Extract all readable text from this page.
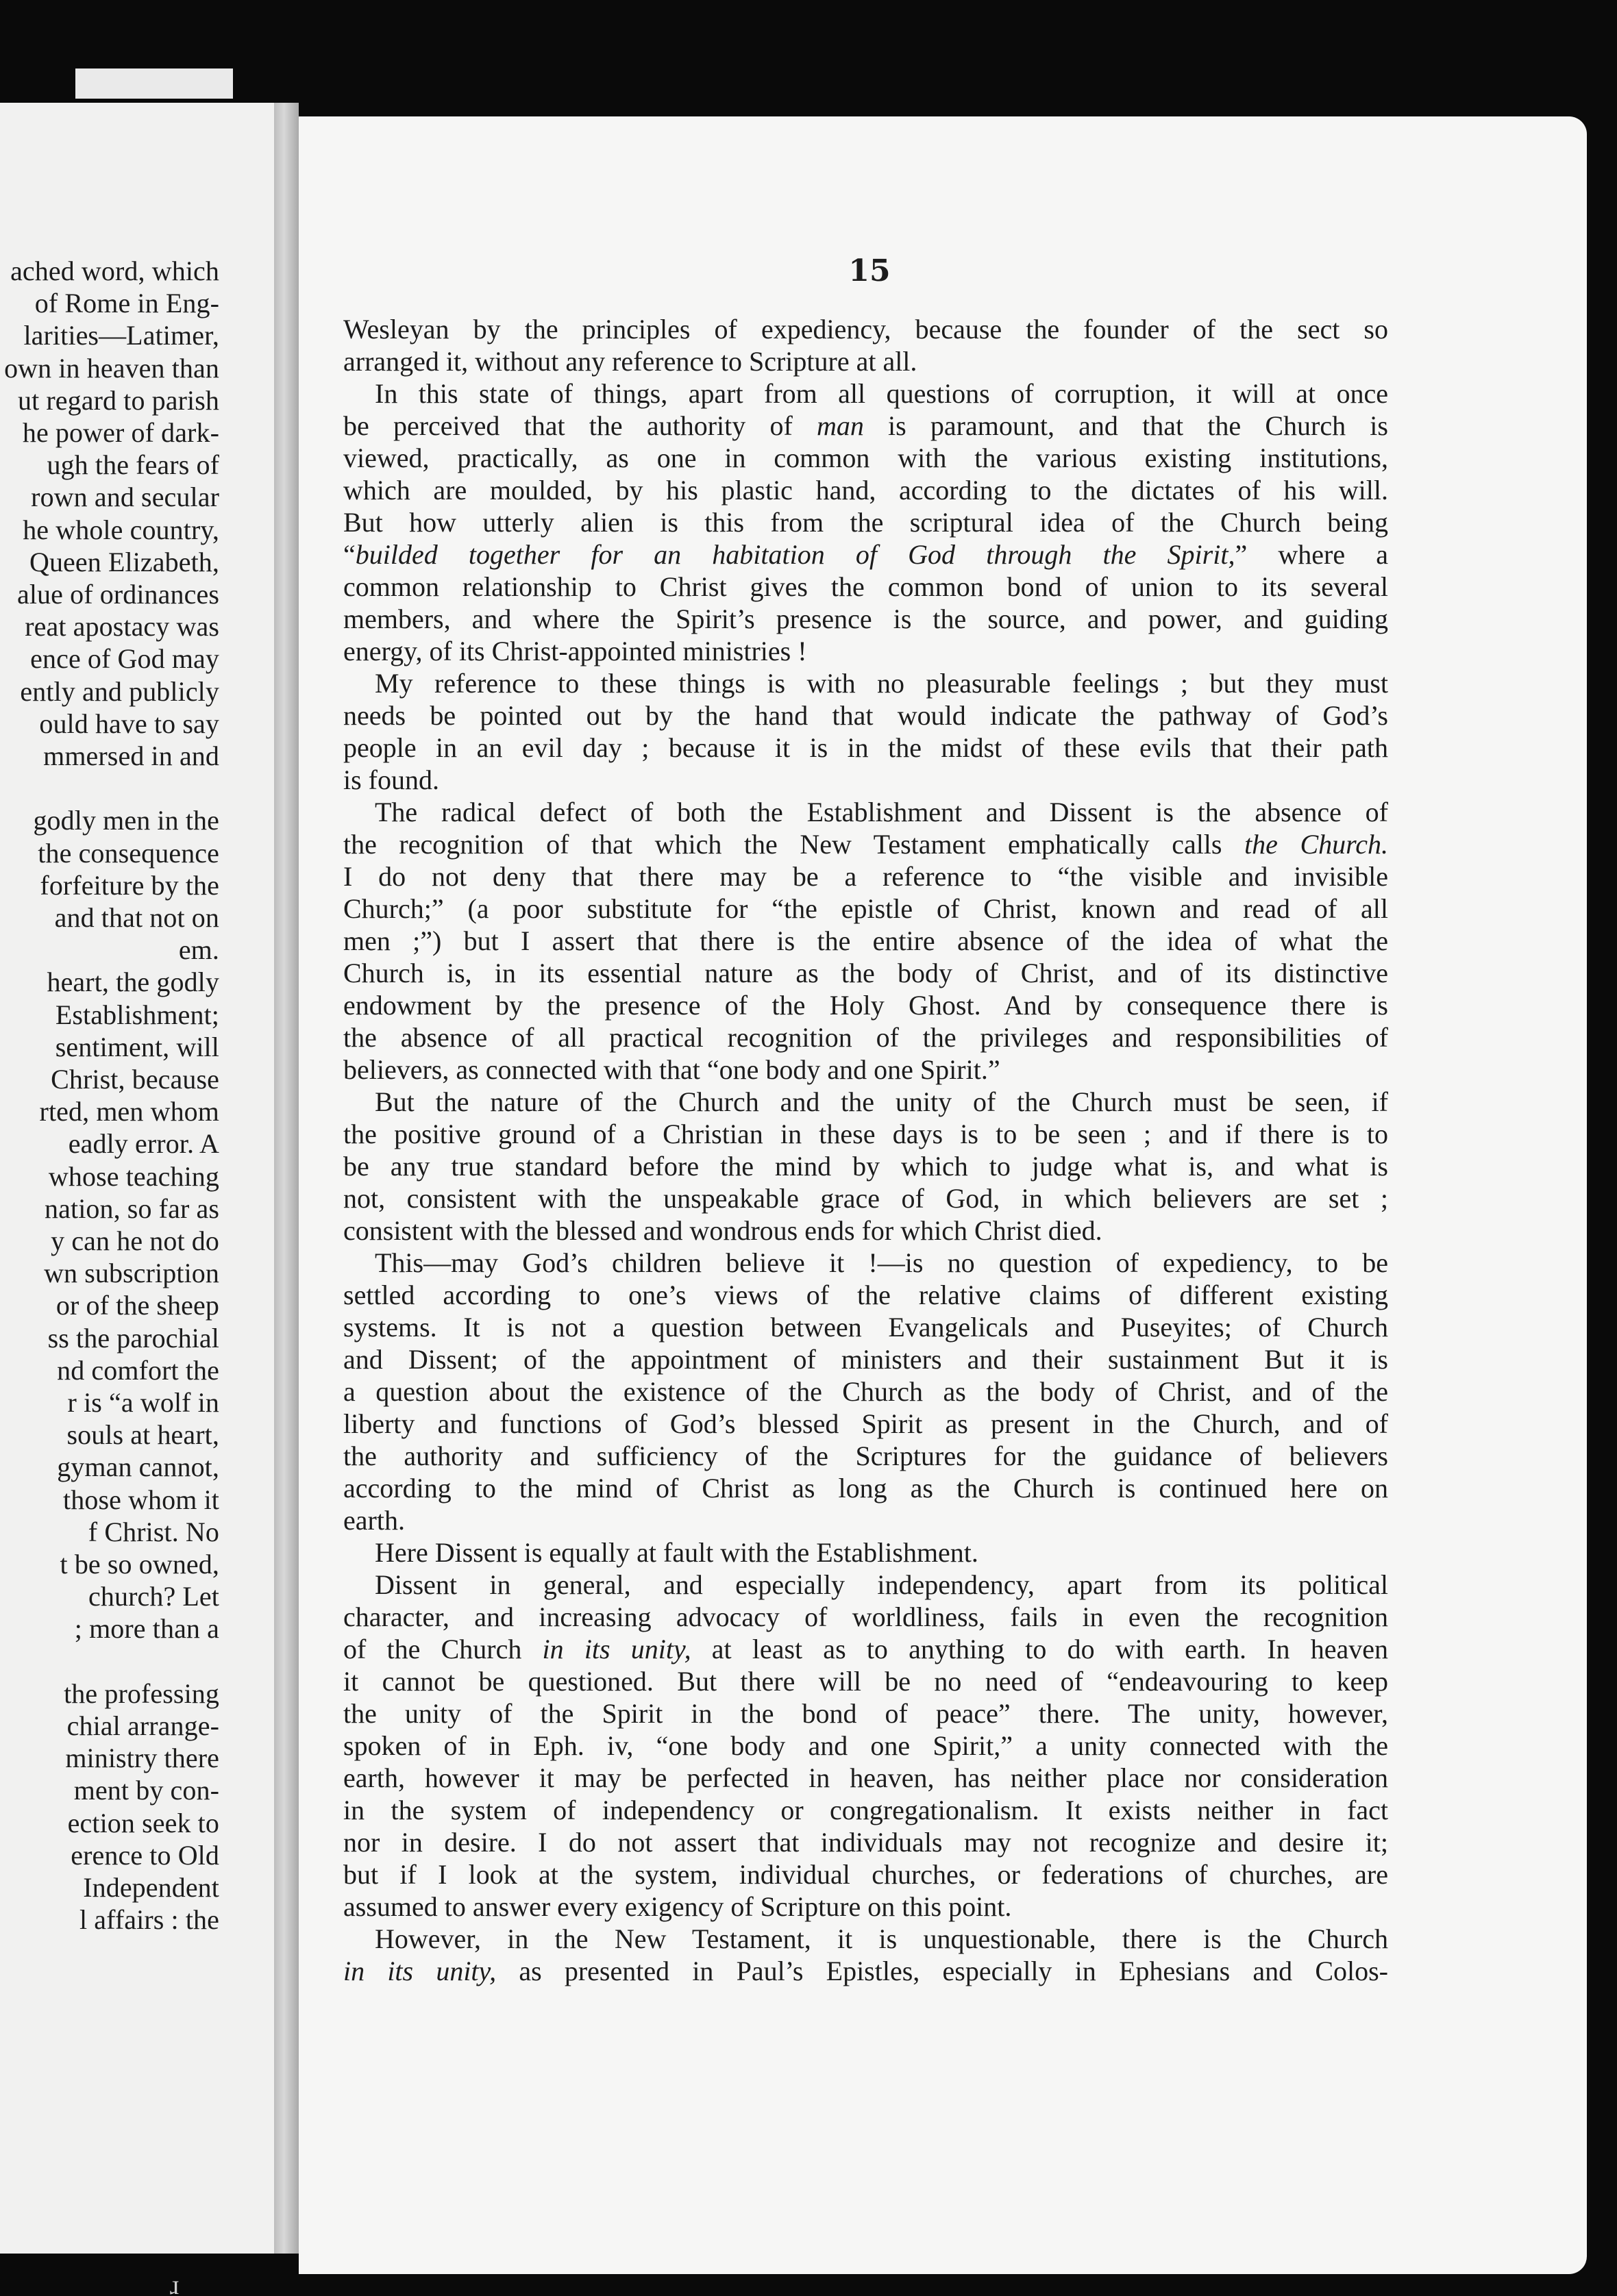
ached word, which
of Rome in Eng-
larities—Latimer,
own in heaven than
ut regard to parish
he power of dark-
ugh the fears of
rown and secular
he whole country,
Queen Elizabeth,
alue of ordinances
reat apostacy was
ence of God may
ently and publicly
ould have to say
mmersed in and
godly men in the
the consequence
forfeiture by the
and that not on
em.
heart, the godly
Establishment;
sentiment, will
Christ, because
rted, men whom
eadly error. A
whose teaching
nation, so far as
y can he not do
wn subscription
or of the sheep
ss the parochial
nd comfort the
r is “a wolf in
souls at heart,
gyman cannot,
those whom it
f Christ. No
t be so owned,
church? Let
; more than a
the professing
chial arrange-
ministry there
ment by con-
ection seek to
erence to Old
Independent
l affairs : the
15
Wesleyan by the principles of expediency, because the founder of the sect so
arranged it, without any reference to Scripture at all.
In this state of things, apart from all questions of corruption, it will at once
be perceived that the authority of man is paramount, and that the Church is
viewed, practically, as one in common with the various existing institutions,
which are moulded, by his plastic hand, according to the dictates of his will.
But how utterly alien is this from the scriptural idea of the Church being
“builded together for an habitation of God through the Spirit,” where a
common relationship to Christ gives the common bond of union to its several
members, and where the Spirit’s presence is the source, and power, and guiding
energy, of its Christ-appointed ministries !
My reference to these things is with no pleasurable feelings ; but they must
needs be pointed out by the hand that would indicate the pathway of God’s
people in an evil day ; because it is in the midst of these evils that their path
is found.
The radical defect of both the Establishment and Dissent is the absence of
the recognition of that which the New Testament emphatically calls the Church.
I do not deny that there may be a reference to “the visible and invisible
Church;” (a poor substitute for “the epistle of Christ, known and read of all
men ;”) but I assert that there is the entire absence of the idea of what the
Church is, in its essential nature as the body of Christ, and of its distinctive
endowment by the presence of the Holy Ghost. And by consequence there is
the absence of all practical recognition of the privileges and responsibilities of
believers, as connected with that “one body and one Spirit.”
But the nature of the Church and the unity of the Church must be seen, if
the positive ground of a Christian in these days is to be seen ; and if there is to
be any true standard before the mind by which to judge what is, and what is
not, consistent with the unspeakable grace of God, in which believers are set ;
consistent with the blessed and wondrous ends for which Christ died.
This—may God’s children believe it !—is no question of expediency, to be
settled according to one’s views of the relative claims of different existing
systems. It is not a question between Evangelicals and Puseyites; of Church
and Dissent; of the appointment of ministers and their sustainment But it is
a question about the existence of the Church as the body of Christ, and of the
liberty and functions of God’s blessed Spirit as present in the Church, and of
the authority and sufficiency of the Scriptures for the guidance of believers
according to the mind of Christ as long as the Church is continued here on
earth.
Here Dissent is equally at fault with the Establishment.
Dissent in general, and especially independency, apart from its political
character, and increasing advocacy of worldliness, fails in even the recognition
of the Church in its unity, at least as to anything to do with earth. In heaven
it cannot be questioned. But there will be no need of “endeavouring to keep
the unity of the Spirit in the bond of peace” there. The unity, however,
spoken of in Eph. iv, “one body and one Spirit,” a unity connected with the
earth, however it may be perfected in heaven, has neither place nor consideration
in the system of independency or congregationalism. It exists neither in fact
nor in desire. I do not assert that individuals may not recognize and desire it;
but if I look at the system, individual churches, or federations of churches, are
assumed to answer every exigency of Scripture on this point.
However, in the New Testament, it is unquestionable, there is the Church
in its unity, as presented in Paul’s Epistles, especially in Ephesians and Colos-
ɹ
